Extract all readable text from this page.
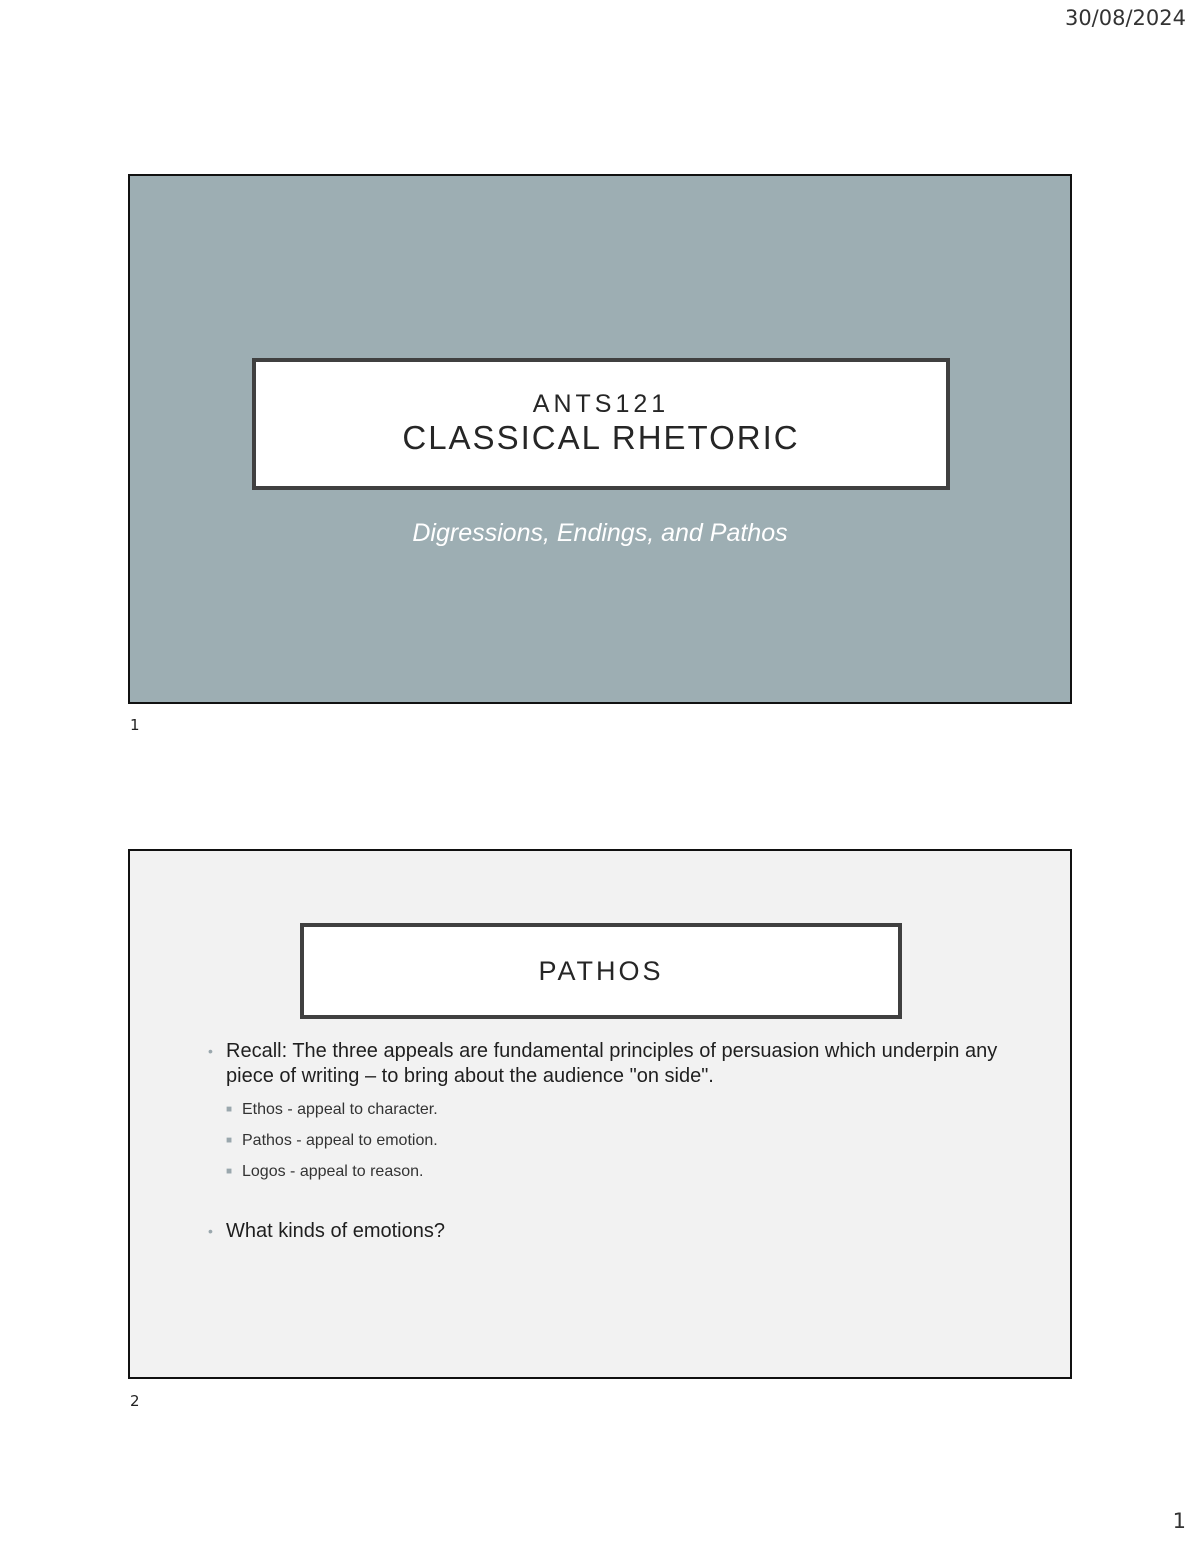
30/08/2024
ANTS121
CLASSICAL RHETORIC
Digressions, Endings, and Pathos
1
PATHOS
• Recall: The three appeals are fundamental principles of persuasion which underpin any piece of writing – to bring about the audience "on side".
■ Ethos - appeal to character.
■ Pathos - appeal to emotion.
■ Logos - appeal to reason.
• What kinds of emotions?
2
1
